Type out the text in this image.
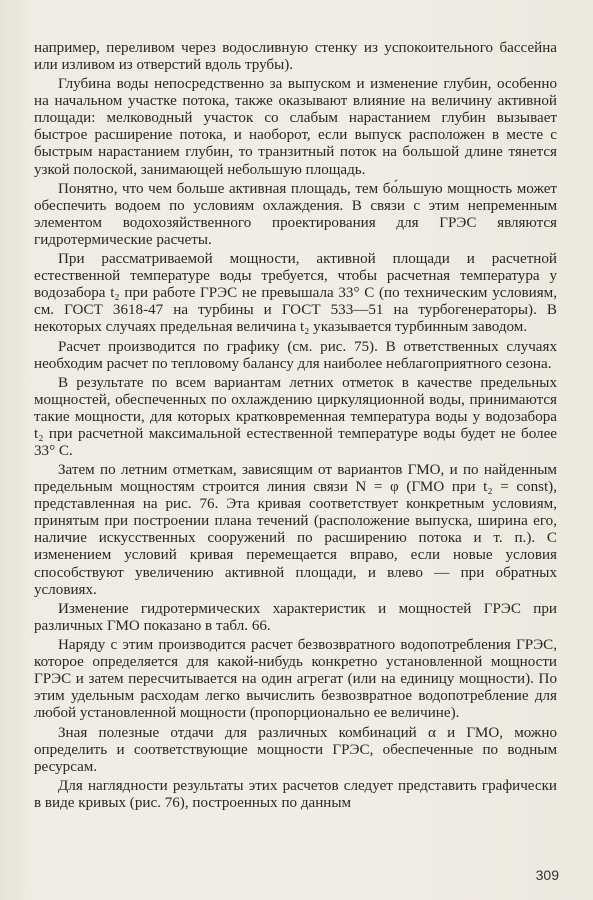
например, переливом через водосливную стенку из успокоительного бассейна или изливом из отверстий вдоль трубы).

Глубина воды непосредственно за выпуском и изменение глубин, особенно на начальном участке потока, также оказывают влияние на величину активной площади: мелководный участок со слабым нарастанием глубин вызывает быстрое расширение потока, и наоборот, если выпуск расположен в месте с быстрым нарастанием глубин, то транзитный поток на большой длине тянется узкой полоской, занимающей небольшую площадь.

Понятно, что чем больше активная площадь, тем бо́льшую мощность может обеспечить водоем по условиям охлаждения. В связи с этим непременным элементом водохозяйственного проектирования для ГРЭС являются гидротермические расчеты.

При рассматриваемой мощности, активной площади и расчетной естественной температуре воды требуется, чтобы расчетная температура у водозабора t₂ при работе ГРЭС не превышала 33° С (по техническим условиям, см. ГОСТ 3618-47 на турбины и ГОСТ 533—51 на турбогенераторы). В некоторых случаях предельная величина t₂ указывается турбинным заводом.

Расчет производится по графику (см. рис. 75). В ответственных случаях необходим расчет по тепловому балансу для наиболее неблагоприятного сезона.

В результате по всем вариантам летних отметок в качестве предельных мощностей, обеспеченных по охлаждению циркуляционной воды, принимаются такие мощности, для которых кратковременная температура воды у водозабора t₂ при расчетной максимальной естественной температуре воды будет не более 33° С.

Затем по летним отметкам, зависящим от вариантов ГМО, и по найденным предельным мощностям строится линия связи N = φ (ГМО при t₂ = const), представленная на рис. 76. Эта кривая соответствует конкретным условиям, принятым при построении плана течений (расположение выпуска, ширина его, наличие искусственных сооружений по расширению потока и т. п.). С изменением условий кривая перемещается вправо, если новые условия способствуют увеличению активной площади, и влево — при обратных условиях.

Изменение гидротермических характеристик и мощностей ГРЭС при различных ГМО показано в табл. 66.

Наряду с этим производится расчет безвозвратного водопотребления ГРЭС, которое определяется для какой-нибудь конкретно установленной мощности ГРЭС и затем пересчитывается на один агрегат (или на единицу мощности). По этим удельным расходам легко вычислить безвозвратное водопотребление для любой установленной мощности (пропорционально ее величине).

Зная полезные отдачи для различных комбинаций α и ГМО, можно определить и соответствующие мощности ГРЭС, обеспеченные по водным ресурсам.

Для наглядности результаты этих расчетов следует представить графически в виде кривых (рис. 76), построенных по данным

309
